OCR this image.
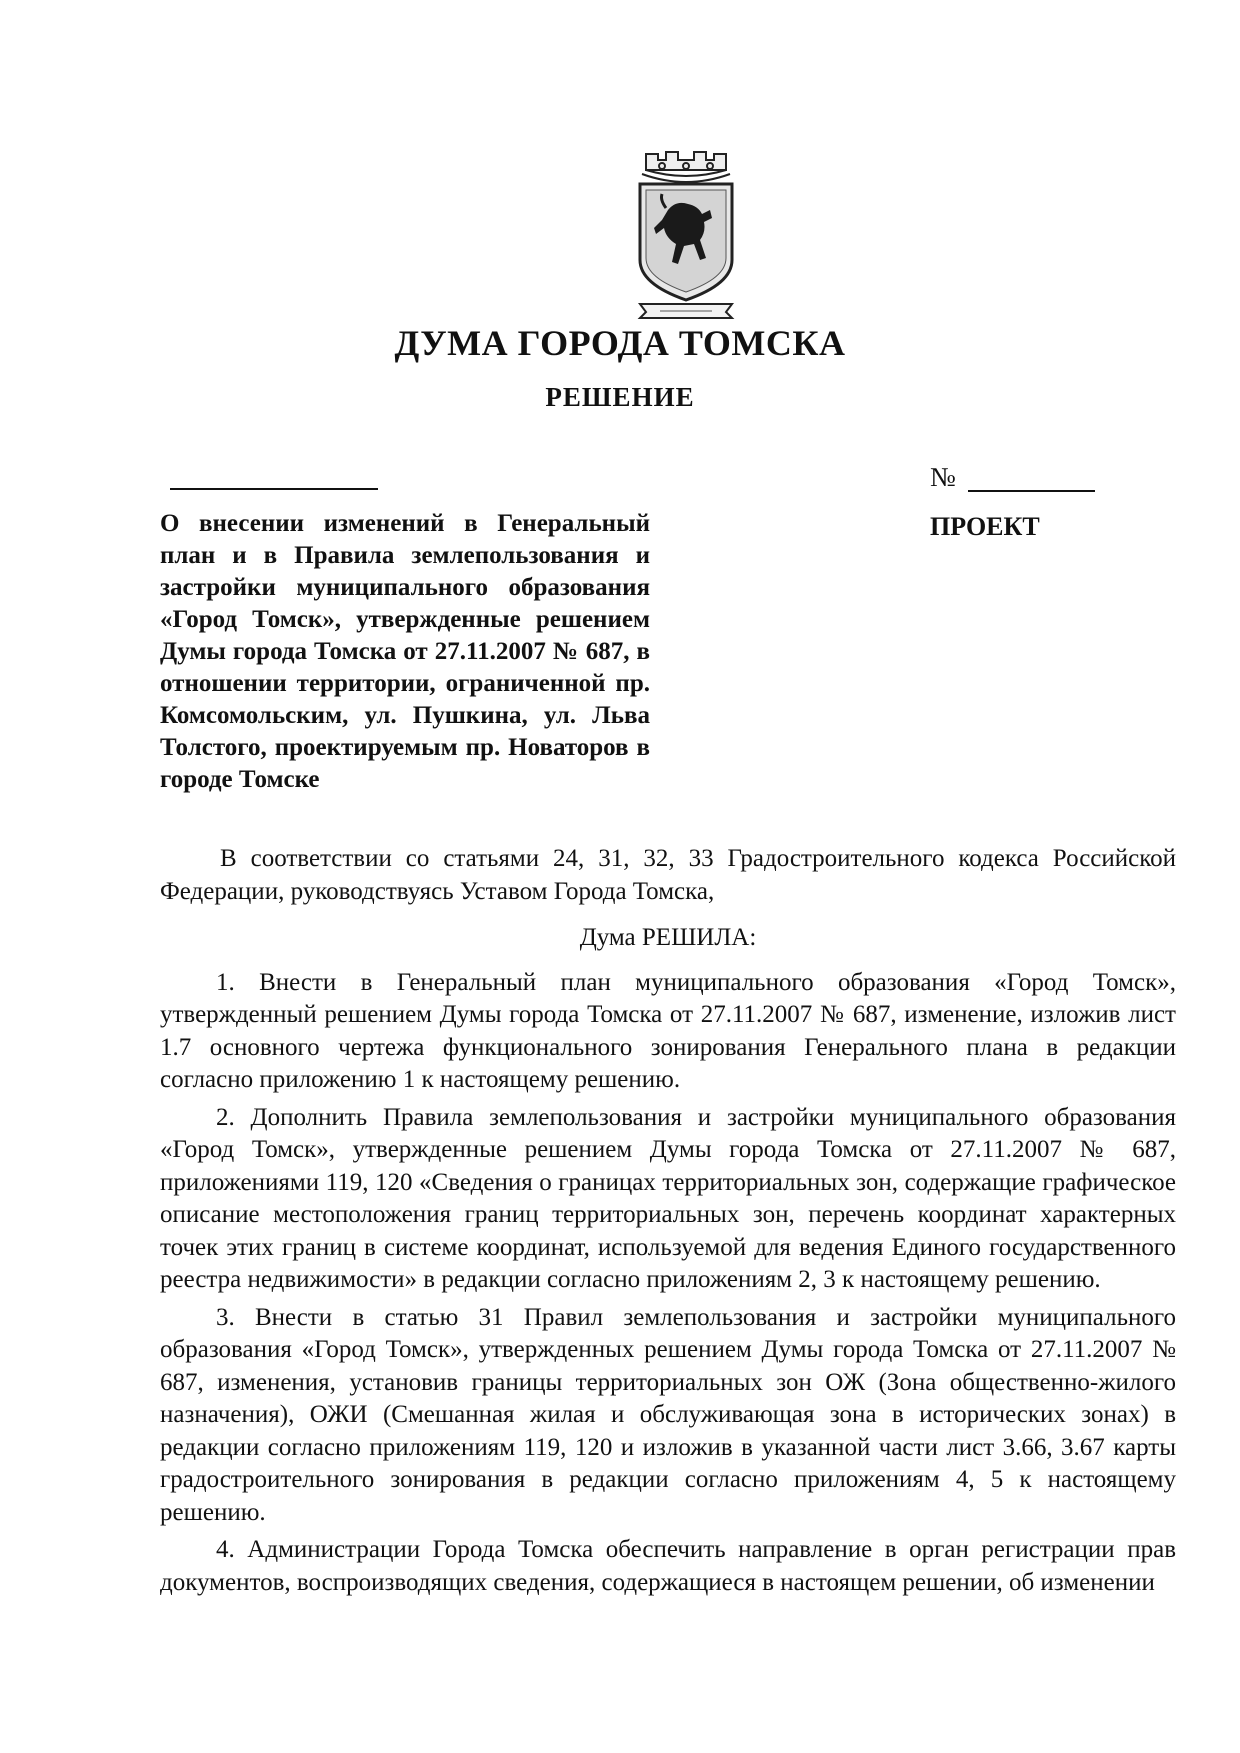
ДУМА ГОРОДА ТОМСКА
РЕШЕНИЕ
№
ПРОЕКТ
О внесении изменений в Генеральный план и в Правила землепользования и застройки муниципального образования «Город Томск», утвержденные решением Думы города Томска от 27.11.2007 № 687, в отношении территории, ограниченной пр. Комсомольским, ул. Пушкина, ул. Льва Толстого, проектируемым пр. Новаторов в городе Томске

В соответствии со статьями 24, 31, 32, 33 Градостроительного кодекса Российской Федерации, руководствуясь Уставом Города Томска,

Дума РЕШИЛА:

1. Внести в Генеральный план муниципального образования «Город Томск», утвержденный решением Думы города Томска от 27.11.2007 № 687, изменение, изложив лист 1.7 основного чертежа функционального зонирования Генерального плана в редакции согласно приложению 1 к настоящему решению.

2. Дополнить Правила землепользования и застройки муниципального образования «Город Томск», утвержденные решением Думы города Томска от 27.11.2007 № 687, приложениями 119, 120 «Сведения о границах территориальных зон, содержащие графическое описание местоположения границ территориальных зон, перечень координат характерных точек этих границ в системе координат, используемой для ведения Единого государственного реестра недвижимости» в редакции согласно приложениям 2, 3 к настоящему решению.

3. Внести в статью 31 Правил землепользования и застройки муниципального образования «Город Томск», утвержденных решением Думы города Томска от 27.11.2007 № 687, изменения, установив границы территориальных зон ОЖ (Зона общественно-жилого назначения), ОЖИ (Смешанная жилая и обслуживающая зона в исторических зонах) в редакции согласно приложениям 119, 120 и изложив в указанной части лист 3.66, 3.67 карты градостроительного зонирования в редакции согласно приложениям 4, 5 к настоящему решению.

4. Администрации Города Томска обеспечить направление в орган регистрации прав документов, воспроизводящих сведения, содержащиеся в настоящем решении, об изменении
